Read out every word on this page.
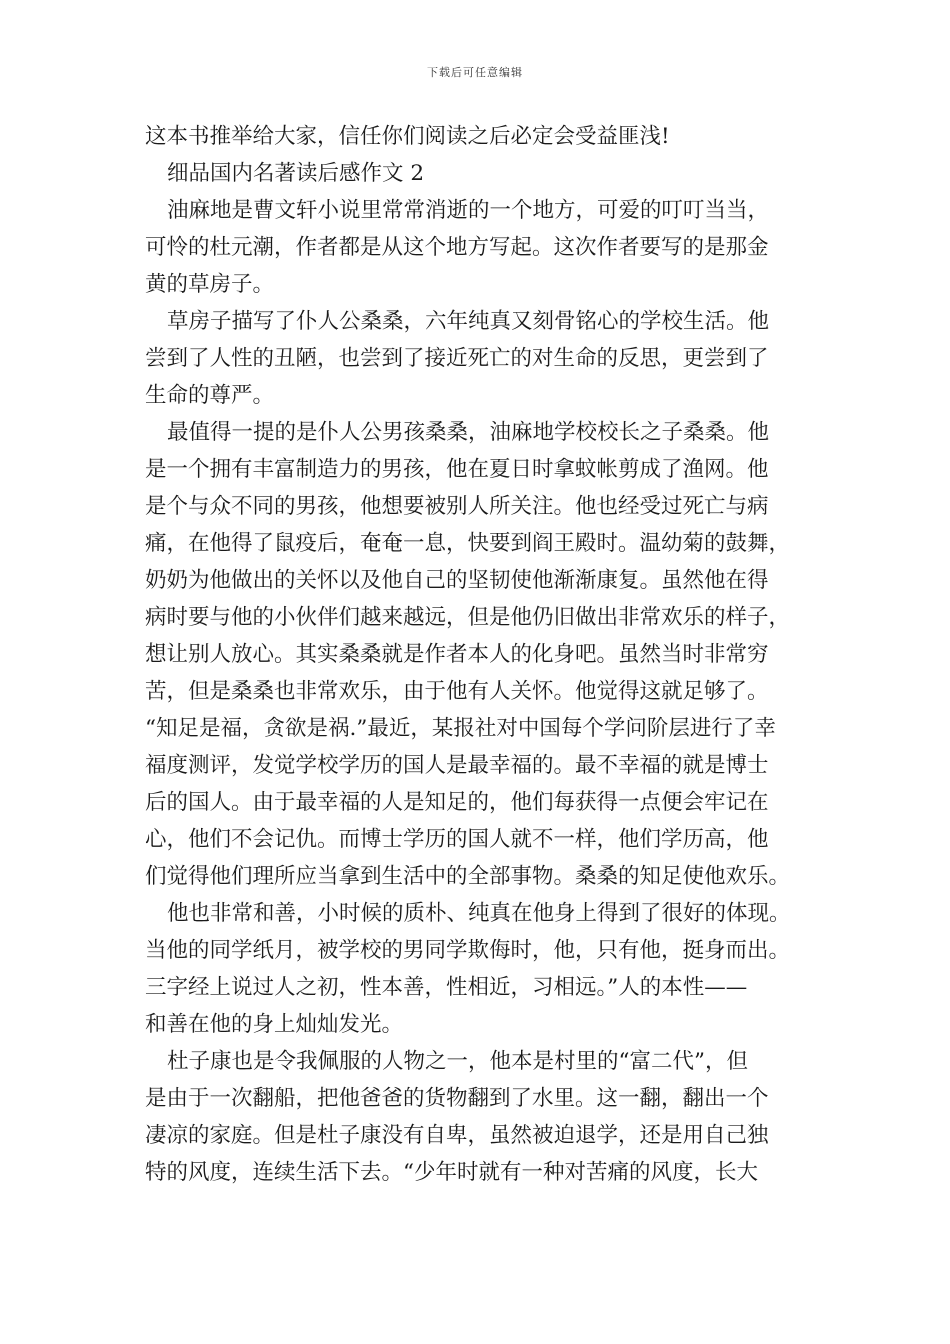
下载后可任意编辑
这本书推举给大家，信任你们阅读之后必定会受益匪浅!
细品国内名著读后感作文 2
油麻地是曹文轩小说里常常消逝的一个地方，可爱的叮叮当当，
可怜的杜元潮，作者都是从这个地方写起。这次作者要写的是那金
黄的草房子。
草房子描写了仆人公桑桑，六年纯真又刻骨铭心的学校生活。他
尝到了人性的丑陋，也尝到了接近死亡的对生命的反思，更尝到了
生命的尊严。
最值得一提的是仆人公男孩桑桑，油麻地学校校长之子桑桑。他
是一个拥有丰富制造力的男孩，他在夏日时拿蚊帐剪成了渔网。他
是个与众不同的男孩，他想要被别人所关注。他也经受过死亡与病
痛，在他得了鼠疫后，奄奄一息，快要到阎王殿时。温幼菊的鼓舞，
奶奶为他做出的关怀以及他自己的坚韧使他渐渐康复。虽然他在得
病时要与他的小伙伴们越来越远，但是他仍旧做出非常欢乐的样子，
想让别人放心。其实桑桑就是作者本人的化身吧。虽然当时非常穷
苦，但是桑桑也非常欢乐，由于他有人关怀。他觉得这就足够了。
“知足是福，贪欲是祸.”最近，某报社对中国每个学问阶层进行了幸
福度测评，发觉学校学历的国人是最幸福的。最不幸福的就是博士
后的国人。由于最幸福的人是知足的，他们每获得一点便会牢记在
心，他们不会记仇。而博士学历的国人就不一样，他们学历高，他
们觉得他们理所应当拿到生活中的全部事物。桑桑的知足使他欢乐。
他也非常和善，小时候的质朴、纯真在他身上得到了很好的体现。
当他的同学纸月，被学校的男同学欺侮时，他，只有他，挺身而出。
三字经上说过人之初，性本善，性相近，习相远。”人的本性——
和善在他的身上灿灿发光。
杜子康也是令我佩服的人物之一，他本是村里的“富二代”，但
是由于一次翻船，把他爸爸的货物翻到了水里。这一翻，翻出一个
凄凉的家庭。但是杜子康没有自卑，虽然被迫退学，还是用自己独
特的风度，连续生活下去。“少年时就有一种对苦痛的风度，长大
